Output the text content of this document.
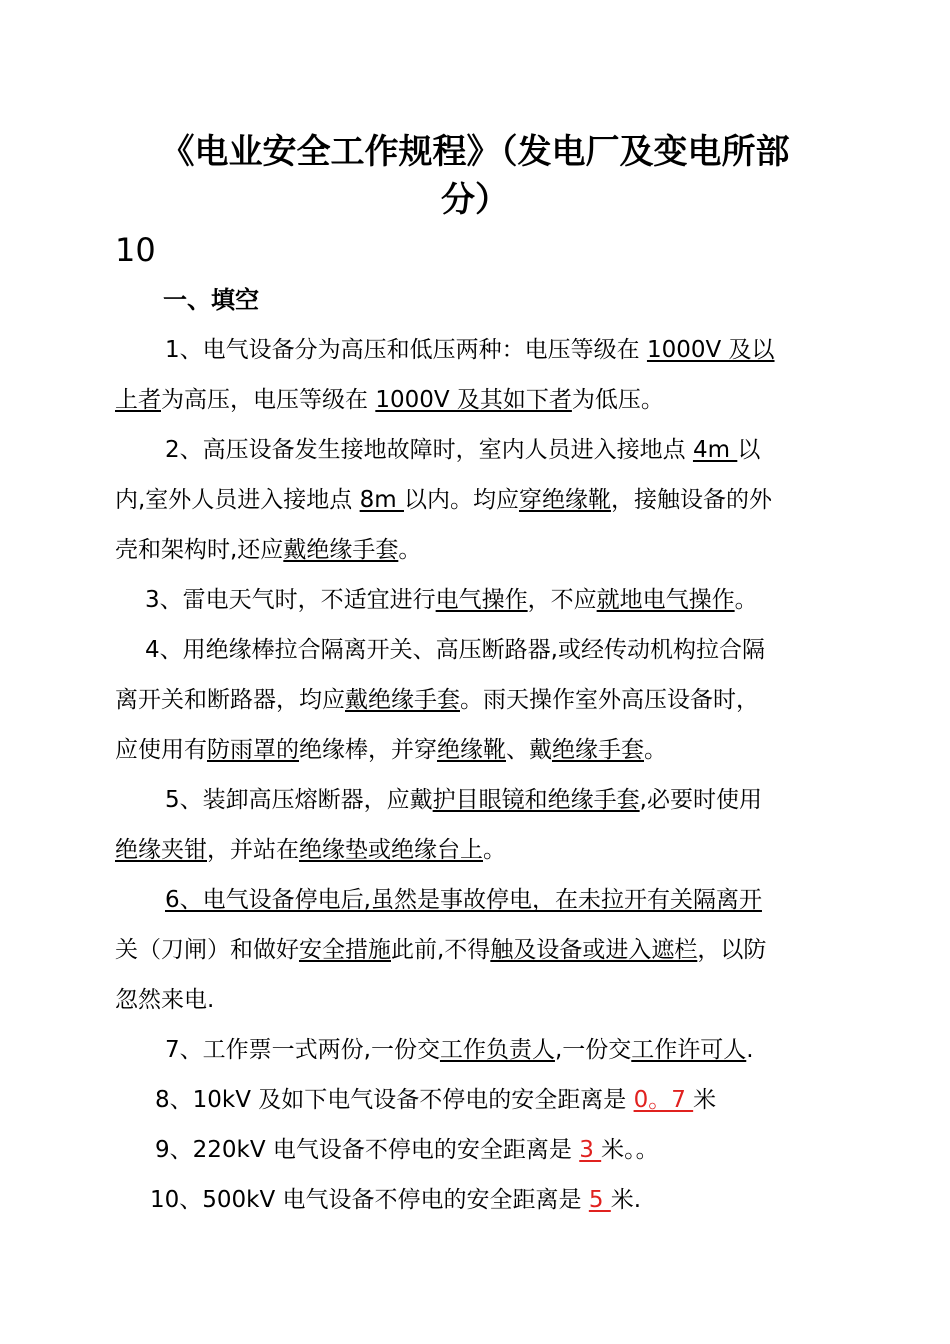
《电业安全工作规程》（发电厂及变电所部
分）
10
一、填空
1、电气设备分为高压和低压两种：电压等级在 1000V 及以
上者为高压，电压等级在 1000V 及其如下者为低压。
2、高压设备发生接地故障时，室内人员进入接地点 4m 以
内,室外人员进入接地点 8m 以内。均应穿绝缘靴，接触设备的外
壳和架构时,还应戴绝缘手套。
3、雷电天气时，不适宜进行电气操作，不应就地电气操作。
4、用绝缘棒拉合隔离开关、高压断路器,或经传动机构拉合隔
离开关和断路器，均应戴绝缘手套。雨天操作室外高压设备时，
应使用有防雨罩的绝缘棒，并穿绝缘靴、戴绝缘手套。
5、装卸高压熔断器，应戴护目眼镜和绝缘手套,必要时使用
绝缘夹钳，并站在绝缘垫或绝缘台上。
6、电气设备停电后,虽然是事故停电，在未拉开有关隔离开
关（刀闸）和做好安全措施此前,不得触及设备或进入遮栏，以防
忽然来电.
7、工作票一式两份,一份交工作负责人,一份交工作许可人.
8、10kV 及如下电气设备不停电的安全距离是 0。7 米
9、220kV 电气设备不停电的安全距离是 3 米。。
10、500kV 电气设备不停电的安全距离是 5 米.
